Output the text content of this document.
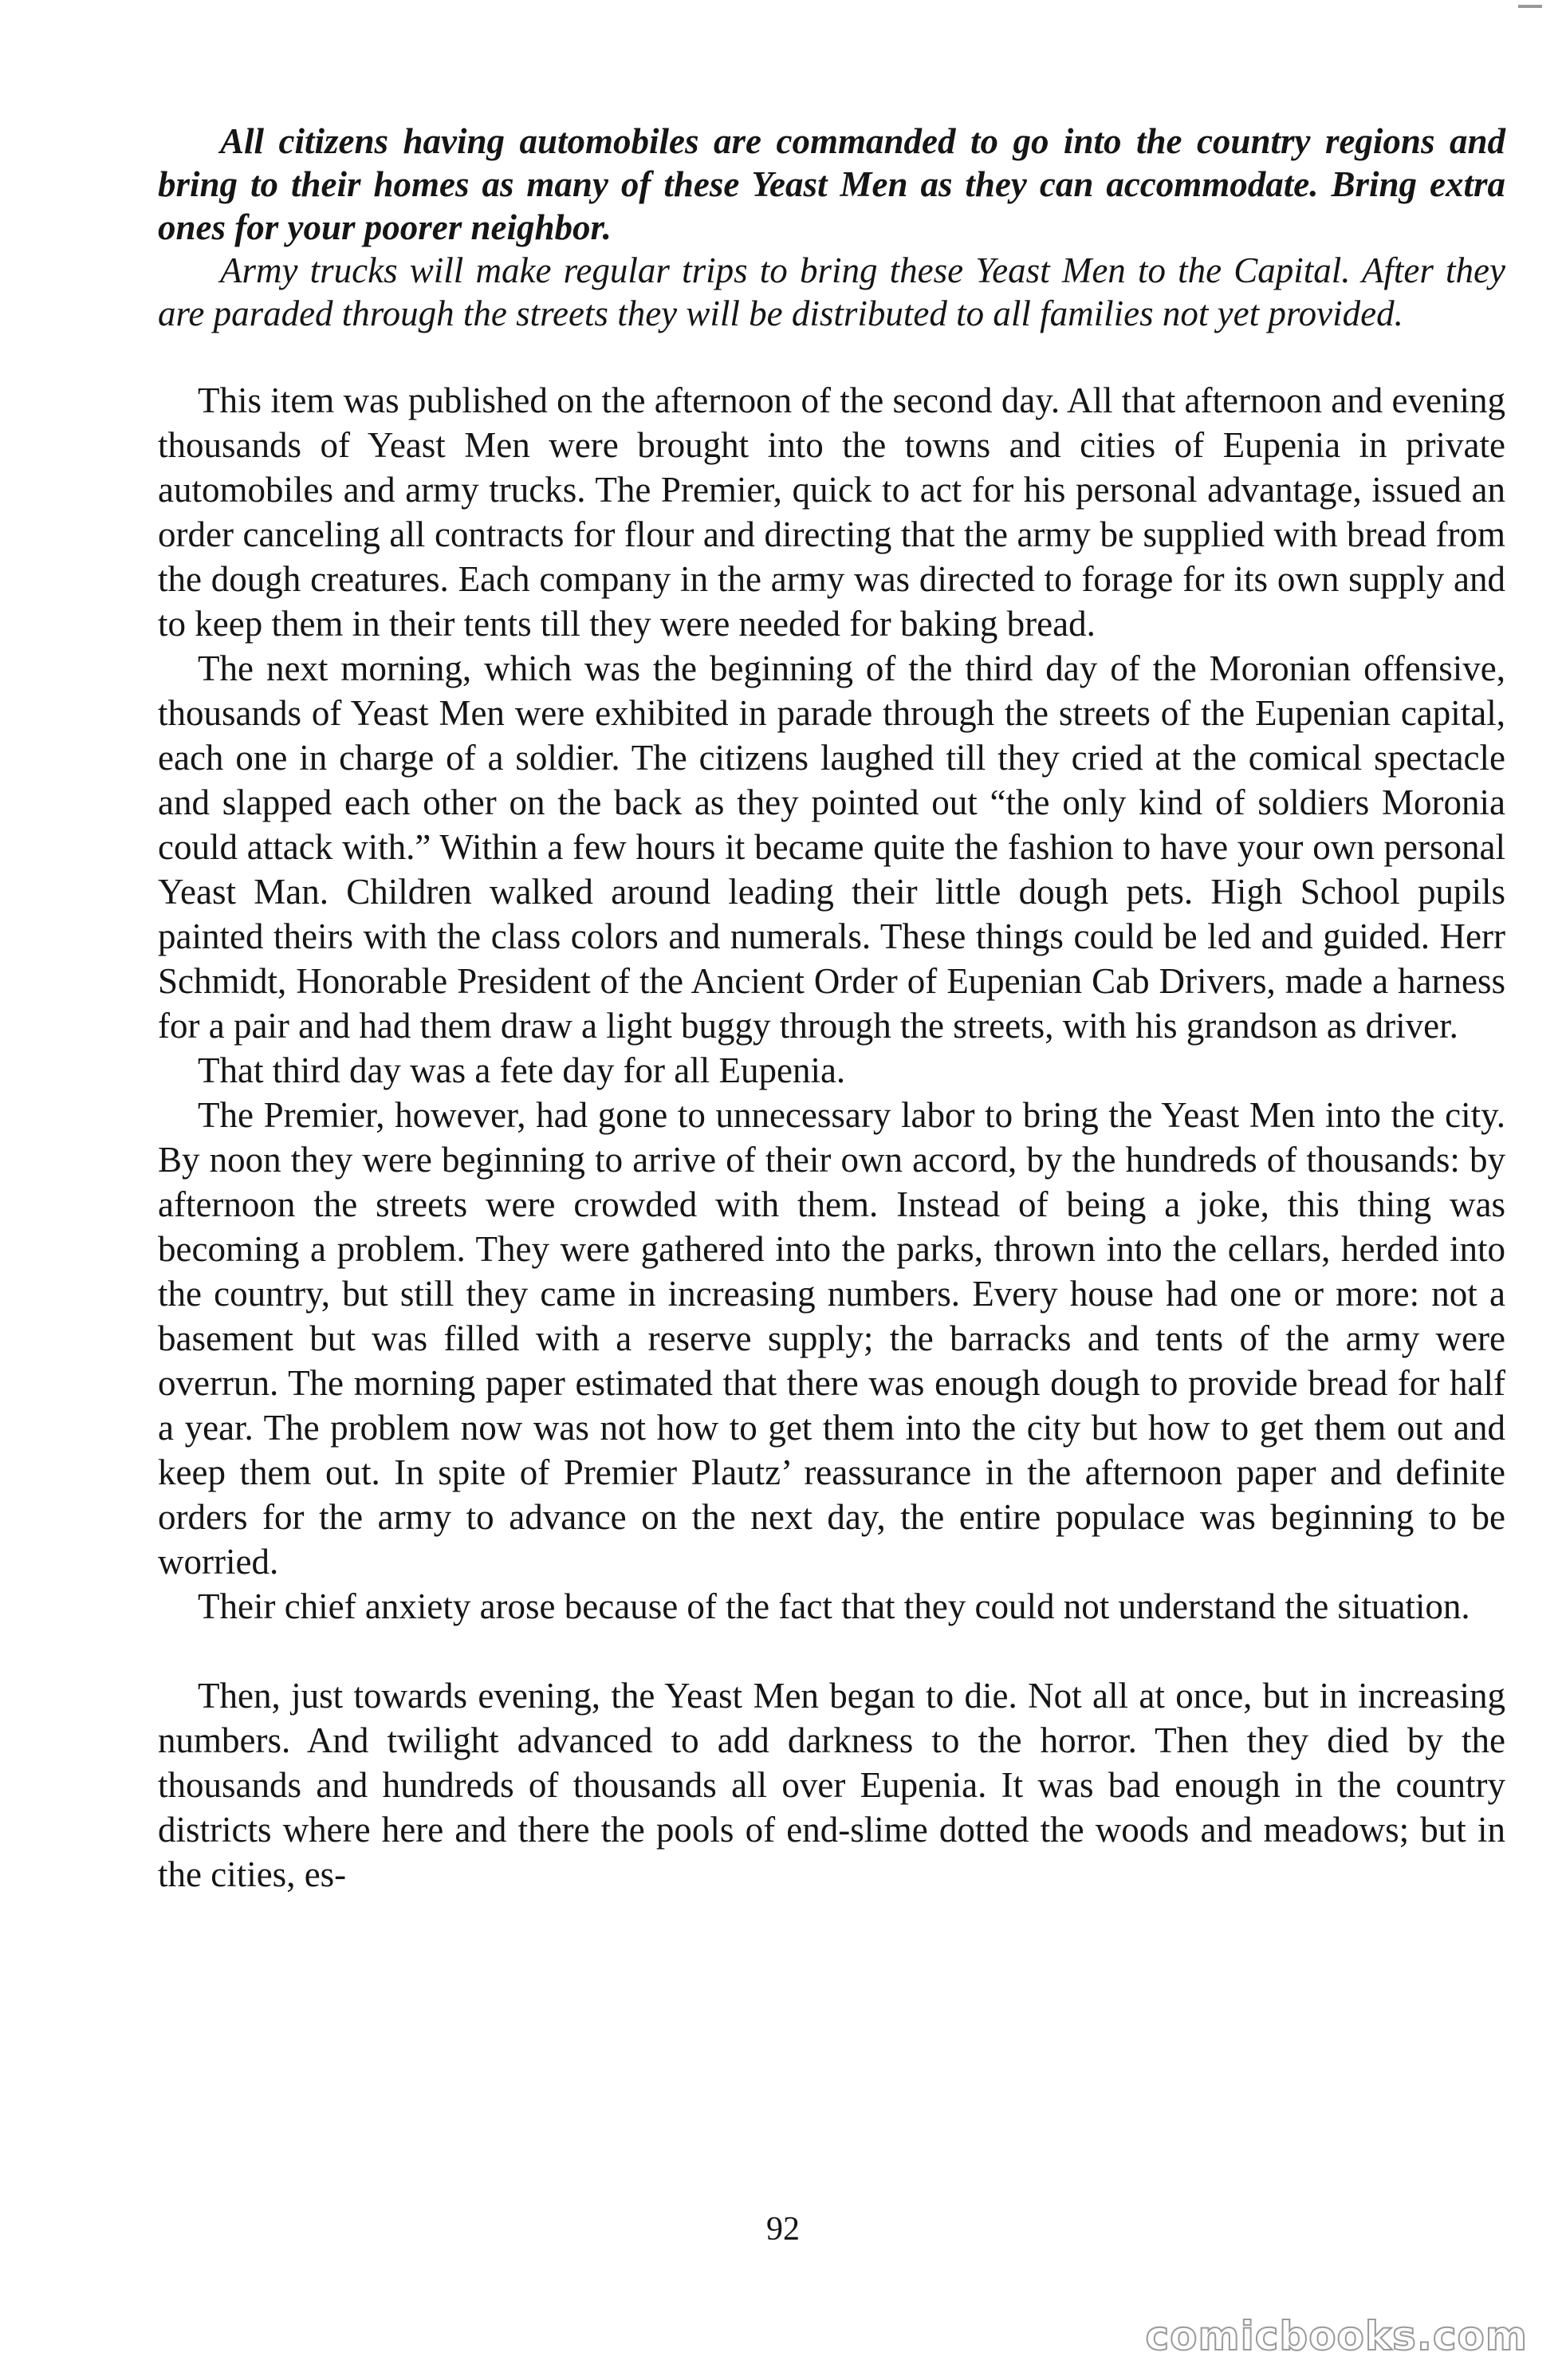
All citizens having automobiles are commanded to go into the country regions and bring to their homes as many of these Yeast Men as they can accommodate. Bring extra ones for your poorer neighbor.

Army trucks will make regular trips to bring these Yeast Men to the Capital. After they are paraded through the streets they will be distributed to all families not yet provided.

This item was published on the afternoon of the second day. All that afternoon and evening thousands of Yeast Men were brought into the towns and cities of Eupenia in private automobiles and army trucks. The Premier, quick to act for his personal advantage, issued an order canceling all contracts for flour and directing that the army be supplied with bread from the dough creatures. Each company in the army was directed to forage for its own supply and to keep them in their tents till they were needed for baking bread.

The next morning, which was the beginning of the third day of the Moronian offensive, thousands of Yeast Men were exhibited in parade through the streets of the Eupenian capital, each one in charge of a soldier. The citizens laughed till they cried at the comical spectacle and slapped each other on the back as they pointed out “the only kind of soldiers Moronia could attack with.” Within a few hours it became quite the fashion to have your own personal Yeast Man. Children walked around leading their little dough pets. High School pupils painted theirs with the class colors and numerals. These things could be led and guided. Herr Schmidt, Honorable President of the Ancient Order of Eupenian Cab Drivers, made a harness for a pair and had them draw a light buggy through the streets, with his grandson as driver.

That third day was a fete day for all Eupenia.

The Premier, however, had gone to unnecessary labor to bring the Yeast Men into the city. By noon they were beginning to arrive of their own accord, by the hundreds of thousands: by afternoon the streets were crowded with them. Instead of being a joke, this thing was becoming a problem. They were gathered into the parks, thrown into the cellars, herded into the country, but still they came in increasing numbers. Every house had one or more: not a basement but was filled with a reserve supply; the barracks and tents of the army were overrun. The morning paper estimated that there was enough dough to provide bread for half a year. The problem now was not how to get them into the city but how to get them out and keep them out. In spite of Premier Plautz’ reassurance in the afternoon paper and definite orders for the army to advance on the next day, the entire populace was beginning to be worried.

Their chief anxiety arose because of the fact that they could not understand the situation.

Then, just towards evening, the Yeast Men began to die. Not all at once, but in increasing numbers. And twilight advanced to add darkness to the horror. Then they died by the thousands and hundreds of thousands all over Eupenia. It was bad enough in the country districts where here and there the pools of end-slime dotted the woods and meadows; but in the cities, es-

92
comicbooks.com
